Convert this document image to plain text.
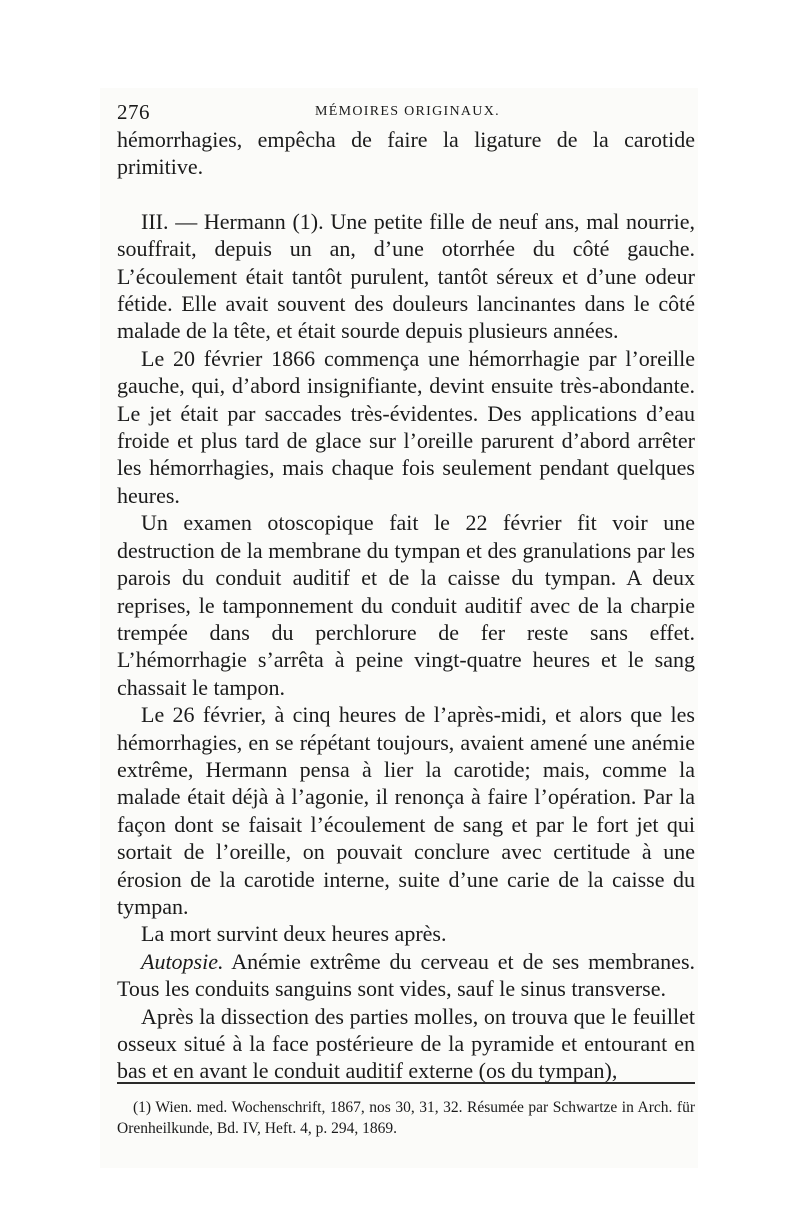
276	MÉMOIRES ORIGINAUX.

hémorrhagies, empêcha de faire la ligature de la carotide primitive.

III. — Hermann (1). Une petite fille de neuf ans, mal nourrie, souffrait, depuis un an, d’une otorrhée du côté gauche. L’écoulement était tantôt purulent, tantôt séreux et d’une odeur fétide. Elle avait souvent des douleurs lancinantes dans le côté malade de la tête, et était sourde depuis plusieurs années.

Le 20 février 1866 commença une hémorrhagie par l’oreille gauche, qui, d’abord insignifiante, devint ensuite très-abondante. Le jet était par saccades très-évidentes. Des applications d’eau froide et plus tard de glace sur l’oreille parurent d’abord arrêter les hémorrhagies, mais chaque fois seulement pendant quelques heures.

Un examen otoscopique fait le 22 février fit voir une destruction de la membrane du tympan et des granulations par les parois du conduit auditif et de la caisse du tympan. A deux reprises, le tamponnement du conduit auditif avec de la charpie trempée dans du perchlorure de fer reste sans effet. L’hémorrhagie s’arrêta à peine vingt-quatre heures et le sang chassait le tampon.

Le 26 février, à cinq heures de l’après-midi, et alors que les hémorrhagies, en se répétant toujours, avaient amené une anémie extrême, Hermann pensa à lier la carotide; mais, comme la malade était déjà à l’agonie, il renonça à faire l’opération. Par la façon dont se faisait l’écoulement de sang et par le fort jet qui sortait de l’oreille, on pouvait conclure avec certitude à une érosion de la carotide interne, suite d’une carie de la caisse du tympan.

La mort survint deux heures après.

Autopsie. Anémie extrême du cerveau et de ses membranes. Tous les conduits sanguins sont vides, sauf le sinus transverse.

Après la dissection des parties molles, on trouva que le feuillet osseux situé à la face postérieure de la pyramide et entourant en bas et en avant le conduit auditif externe (os du tympan),

(1) Wien. med. Wochenschrift, 1867, nos 30, 31, 32. Résumée par Schwartze in Arch. für Orenheilkunde, Bd. IV, Heft. 4, p. 294, 1869.
